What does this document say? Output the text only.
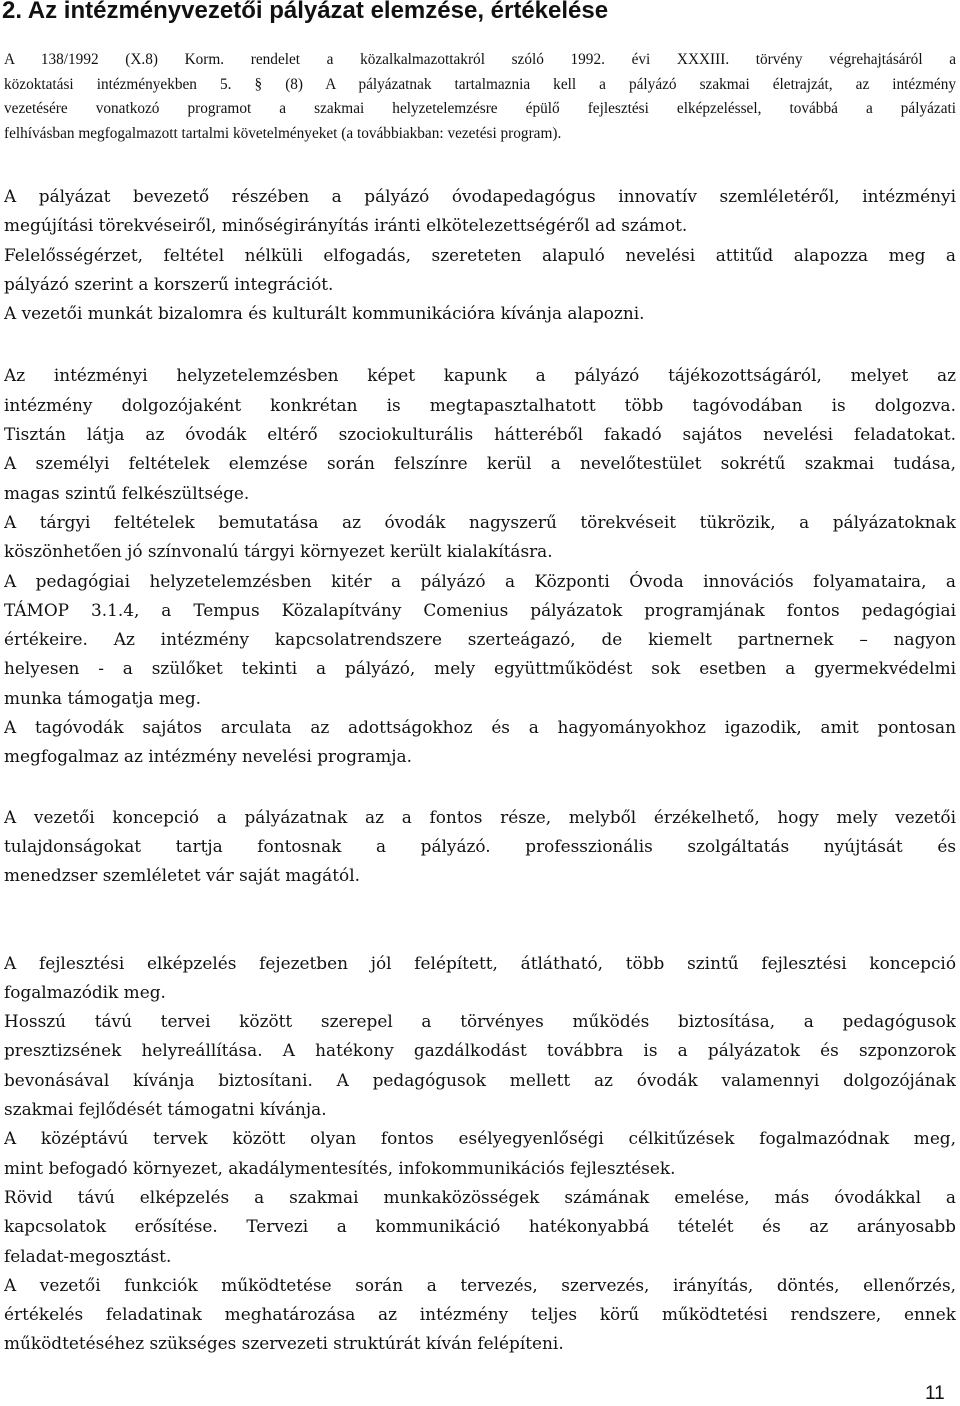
2. Az intézményvezetői pályázat elemzése, értékelése
A 138/1992 (X.8) Korm. rendelet a közalkalmazottakról szóló 1992. évi XXXIII. törvény végrehajtásáról a
közoktatási intézményekben 5. § (8) A pályázatnak tartalmaznia kell a pályázó szakmai életrajzát, az intézmény
vezetésére vonatkozó programot a szakmai helyzetelemzésre épülő fejlesztési elképzeléssel, továbbá a pályázati
felhívásban megfogalmazott tartalmi követelményeket (a továbbiakban: vezetési program).

A pályázat bevezető részében a pályázó óvodapedagógus innovatív szemléletéről, intézményi
megújítási törekvéseiről, minőségirányítás iránti elkötelezettségéről ad számot.
Felelősségérzet, feltétel nélküli elfogadás, szereteten alapuló nevelési attitűd alapozza meg a
pályázó szerint a korszerű integrációt.
A vezetői munkát bizalomra és kulturált kommunikációra kívánja alapozni.

Az intézményi helyzetelemzésben képet kapunk a pályázó tájékozottságáról, melyet az
intézmény dolgozójaként konkrétan is megtapasztalhatott több tagóvodában is dolgozva.
Tisztán látja az óvodák eltérő szociokulturális hátteréből fakadó sajátos nevelési feladatokat.
A személyi feltételek elemzése során felszínre kerül a nevelőtestület sokrétű szakmai tudása,
magas szintű felkészültsége.
A tárgyi feltételek bemutatása az óvodák nagyszerű törekvéseit tükrözik, a pályázatoknak
köszönhetően jó színvonalú tárgyi környezet került kialakításra.
A pedagógiai helyzetelemzésben kitér a pályázó a Központi Óvoda innovációs folyamataira, a
TÁMOP 3.1.4, a Tempus Közalapítvány Comenius pályázatok programjának fontos pedagógiai
értékeire. Az intézmény kapcsolatrendszere szerteágazó, de kiemelt partnernek – nagyon
helyesen - a szülőket tekinti a pályázó, mely együttműködést sok esetben a gyermekvédelmi
munka támogatja meg.
A tagóvodák sajátos arculata az adottságokhoz és a hagyományokhoz igazodik, amit pontosan
megfogalmaz az intézmény nevelési programja.

A vezetői koncepció a pályázatnak az a fontos része, melyből érzékelhető, hogy mely vezetői
tulajdonságokat tartja fontosnak a pályázó. professzionális szolgáltatás nyújtását és
menedzser szemléletet vár saját magától.

A fejlesztési elképzelés fejezetben jól felépített, átlátható, több szintű fejlesztési koncepció
fogalmazódik meg.
Hosszú távú tervei között szerepel a törvényes működés biztosítása, a pedagógusok
presztizsének helyreállítása. A hatékony gazdálkodást továbbra is a pályázatok és szponzorok
bevonásával kívánja biztosítani. A pedagógusok mellett az óvodák valamennyi dolgozójának
szakmai fejlődését támogatni kívánja.
A középtávú tervek között olyan fontos esélyegyenlőségi célkitűzések fogalmazódnak meg,
mint befogadó környezet, akadálymentesítés, infokommunikációs fejlesztések.
Rövid távú elképzelés a szakmai munkaközösségek számának emelése, más óvodákkal a
kapcsolatok erősítése. Tervezi a kommunikáció hatékonyabbá tételét és az arányosabb
feladat-megosztást.
A vezetői funkciók működtetése során a tervezés, szervezés, irányítás, döntés, ellenőrzés,
értékelés feladatinak meghatározása az intézmény teljes körű működtetési rendszere, ennek
működtetéséhez szükséges szervezeti struktúrát kíván felépíteni.

11
